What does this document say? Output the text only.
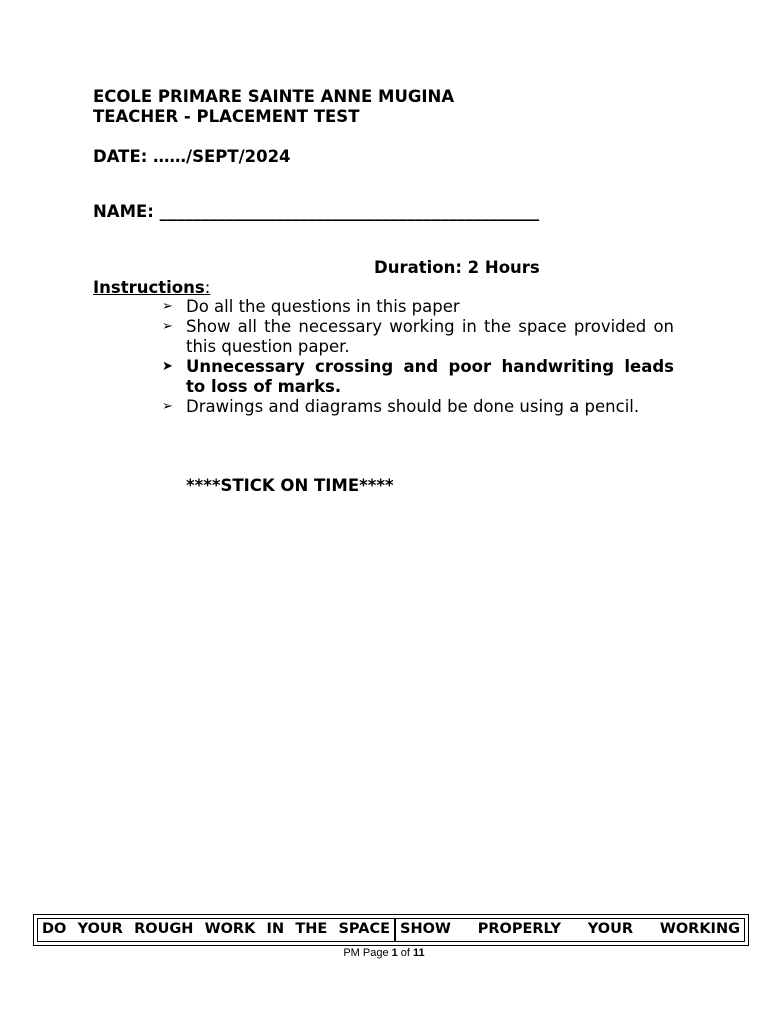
ECOLE PRIMARE SAINTE ANNE MUGINA
TEACHER - PLACEMENT TEST
DATE: ……/SEPT/2024
NAME: ______________________________________________
Duration: 2 Hours
Instructions:
➢ Do all the questions in this paper
➢ Show all the necessary working in the space provided on this question paper.
➤ Unnecessary crossing and poor handwriting leads to loss of marks.
➢ Drawings and diagrams should be done using a pencil.
****STICK ON TIME****
DO YOUR ROUGH WORK IN THE SPACE SHOW PROPERLY YOUR WORKING
PM Page 1 of 11
